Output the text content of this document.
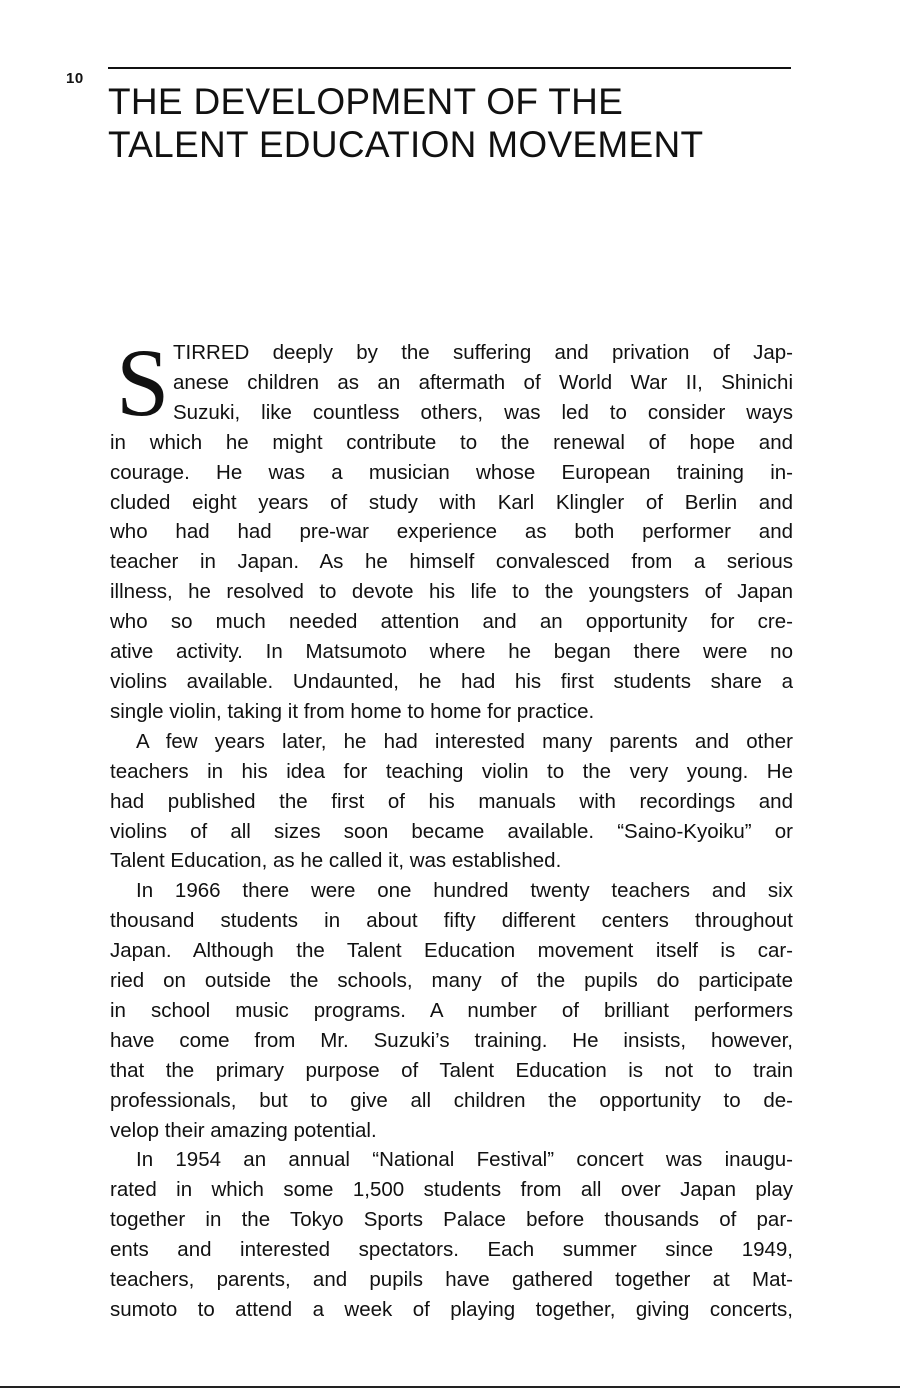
10
THE DEVELOPMENT OF THE
TALENT EDUCATION MOVEMENT
S TIRRED deeply by the suffering and privation of Jap-
anese children as an aftermath of World War II, Shinichi
Suzuki, like countless others, was led to consider ways
in which he might contribute to the renewal of hope and
courage. He was a musician whose European training in-
cluded eight years of study with Karl Klingler of Berlin and
who had had pre-war experience as both performer and
teacher in Japan. As he himself convalesced from a serious
illness, he resolved to devote his life to the youngsters of Japan
who so much needed attention and an opportunity for cre-
ative activity. In Matsumoto where he began there were no
violins available. Undaunted, he had his first students share a
single violin, taking it from home to home for practice.

A few years later, he had interested many parents and other
teachers in his idea for teaching violin to the very young. He
had published the first of his manuals with recordings and
violins of all sizes soon became available. “Saino-Kyoiku” or
Talent Education, as he called it, was established.

In 1966 there were one hundred twenty teachers and six
thousand students in about fifty different centers throughout
Japan. Although the Talent Education movement itself is car-
ried on outside the schools, many of the pupils do participate
in school music programs. A number of brilliant performers
have come from Mr. Suzuki’s training. He insists, however,
that the primary purpose of Talent Education is not to train
professionals, but to give all children the opportunity to de-
velop their amazing potential.

In 1954 an annual “National Festival” concert was inaugu-
rated in which some 1,500 students from all over Japan play
together in the Tokyo Sports Palace before thousands of par-
ents and interested spectators. Each summer since 1949,
teachers, parents, and pupils have gathered together at Mat-
sumoto to attend a week of playing together, giving concerts,
